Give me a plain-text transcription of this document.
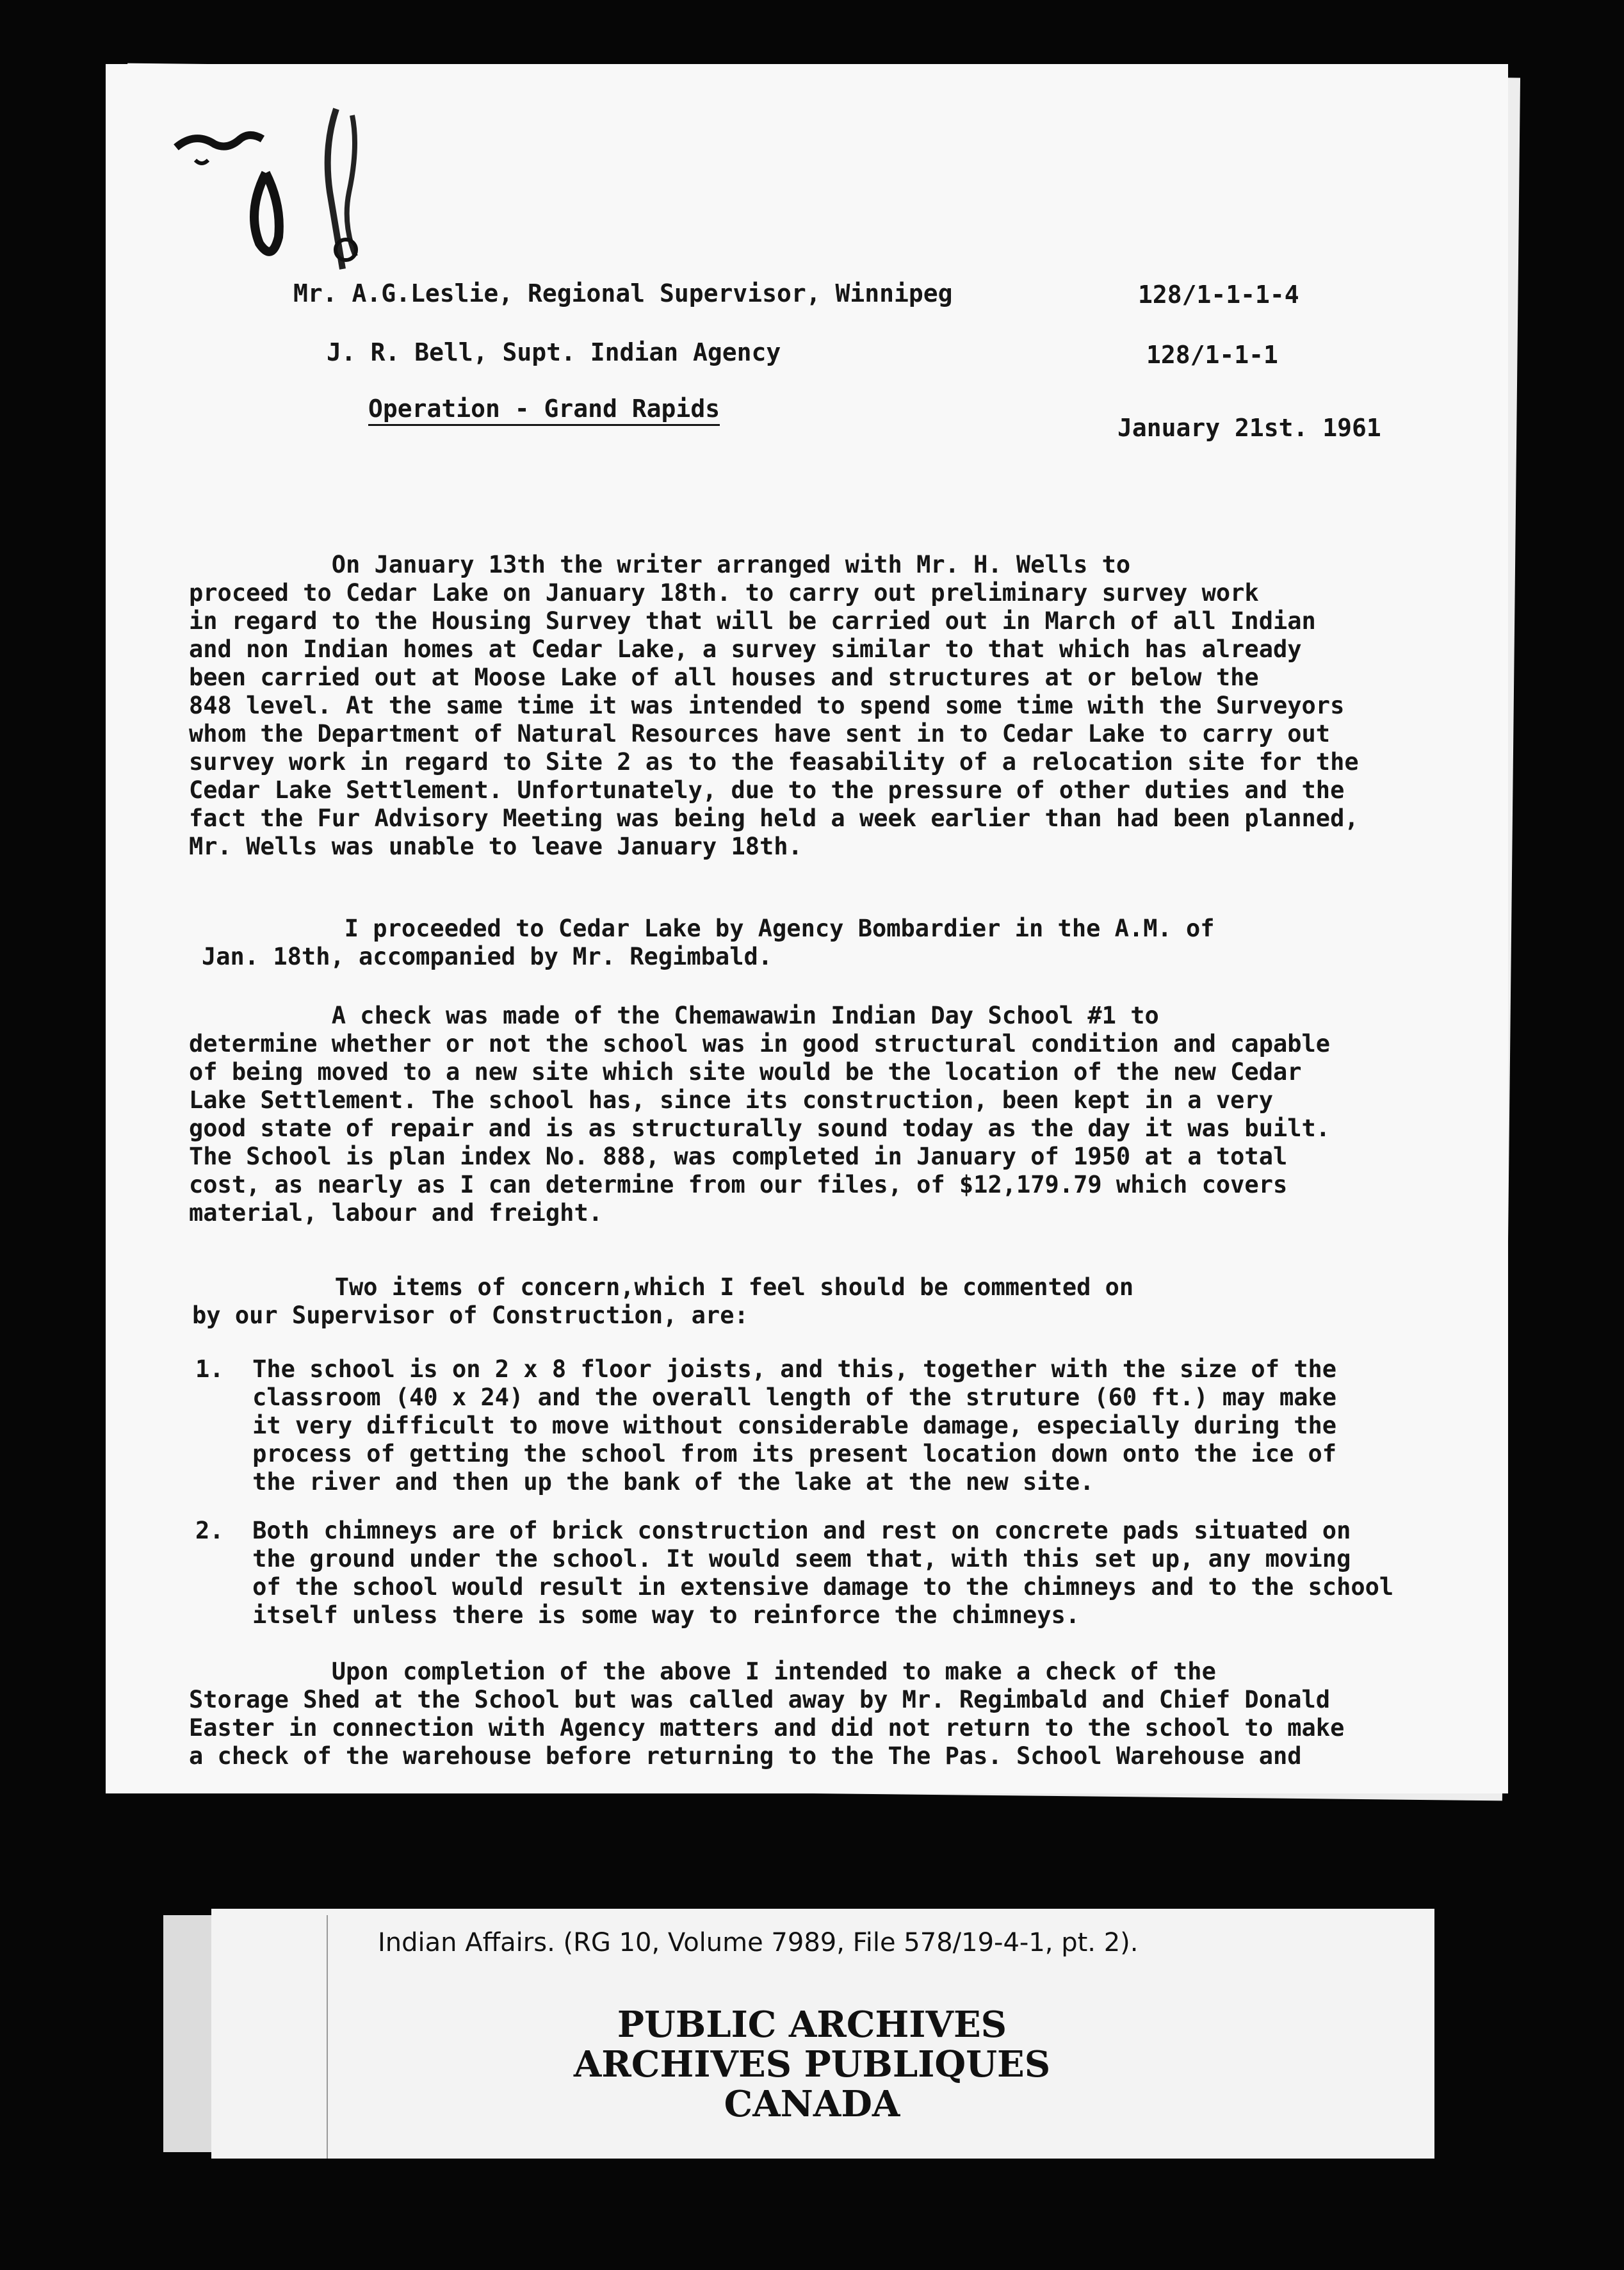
Mr. A.G.Leslie, Regional Supervisor, Winnipeg	128/1-1-1-4
J. R. Bell, Supt. Indian Agency	128/1-1-1
Operation - Grand Rapids
January 21st. 1961

On January 13th the writer arranged with Mr. H. Wells to
proceed to Cedar Lake on January 18th. to carry out preliminary survey work
in regard to the Housing Survey that will be carried out in March of all Indian
and non Indian homes at Cedar Lake, a survey similar to that which has already
been carried out at Moose Lake of all houses and structures at or below the
848 level. At the same time it was intended to spend some time with the Surveyors
whom the Department of Natural Resources have sent in to Cedar Lake to carry out
survey work in regard to Site 2 as to the feasability of a relocation site for the
Cedar Lake Settlement. Unfortunately, due to the pressure of other duties and the
fact the Fur Advisory Meeting was being held a week earlier than had been planned,
Mr. Wells was unable to leave January 18th.

I proceeded to Cedar Lake by Agency Bombardier in the A.M. of
Jan. 18th, accompanied by Mr. Regimbald.

A check was made of the Chemawawin Indian Day School #1 to
determine whether or not the school was in good structural condition and capable
of being moved to a new site which site would be the location of the new Cedar
Lake Settlement. The school has, since its construction, been kept in a very
good state of repair and is as structurally sound today as the day it was built.
The School is plan index No. 888, was completed in January of 1950 at a total
cost, as nearly as I can determine from our files, of $12,179.79 which covers
material, labour and freight.

Two items of concern,which I feel should be commented on
by our Supervisor of Construction, are:

1.  The school is on 2 x 8 floor joists, and this, together with the size of the
classroom (40 x 24) and the overall length of the struture (60 ft.) may make
it very difficult to move without considerable damage, especially during the
process of getting the school from its present location down onto the ice of
the river and then up the bank of the lake at the new site.

2.  Both chimneys are of brick construction and rest on concrete pads situated on
the ground under the school. It would seem that, with this set up, any moving
of the school would result in extensive damage to the chimneys and to the school
itself unless there is some way to reinforce the chimneys.

Upon completion of the above I intended to make a check of the
Storage Shed at the School but was called away by Mr. Regimbald and Chief Donald
Easter in connection with Agency matters and did not return to the school to make
a check of the warehouse before returning to the The Pas. School Warehouse and

Indian Affairs. (RG 10, Volume 7989, File 578/19-4-1, pt. 2).
PUBLIC ARCHIVES
ARCHIVES PUBLIQUES
CANADA
